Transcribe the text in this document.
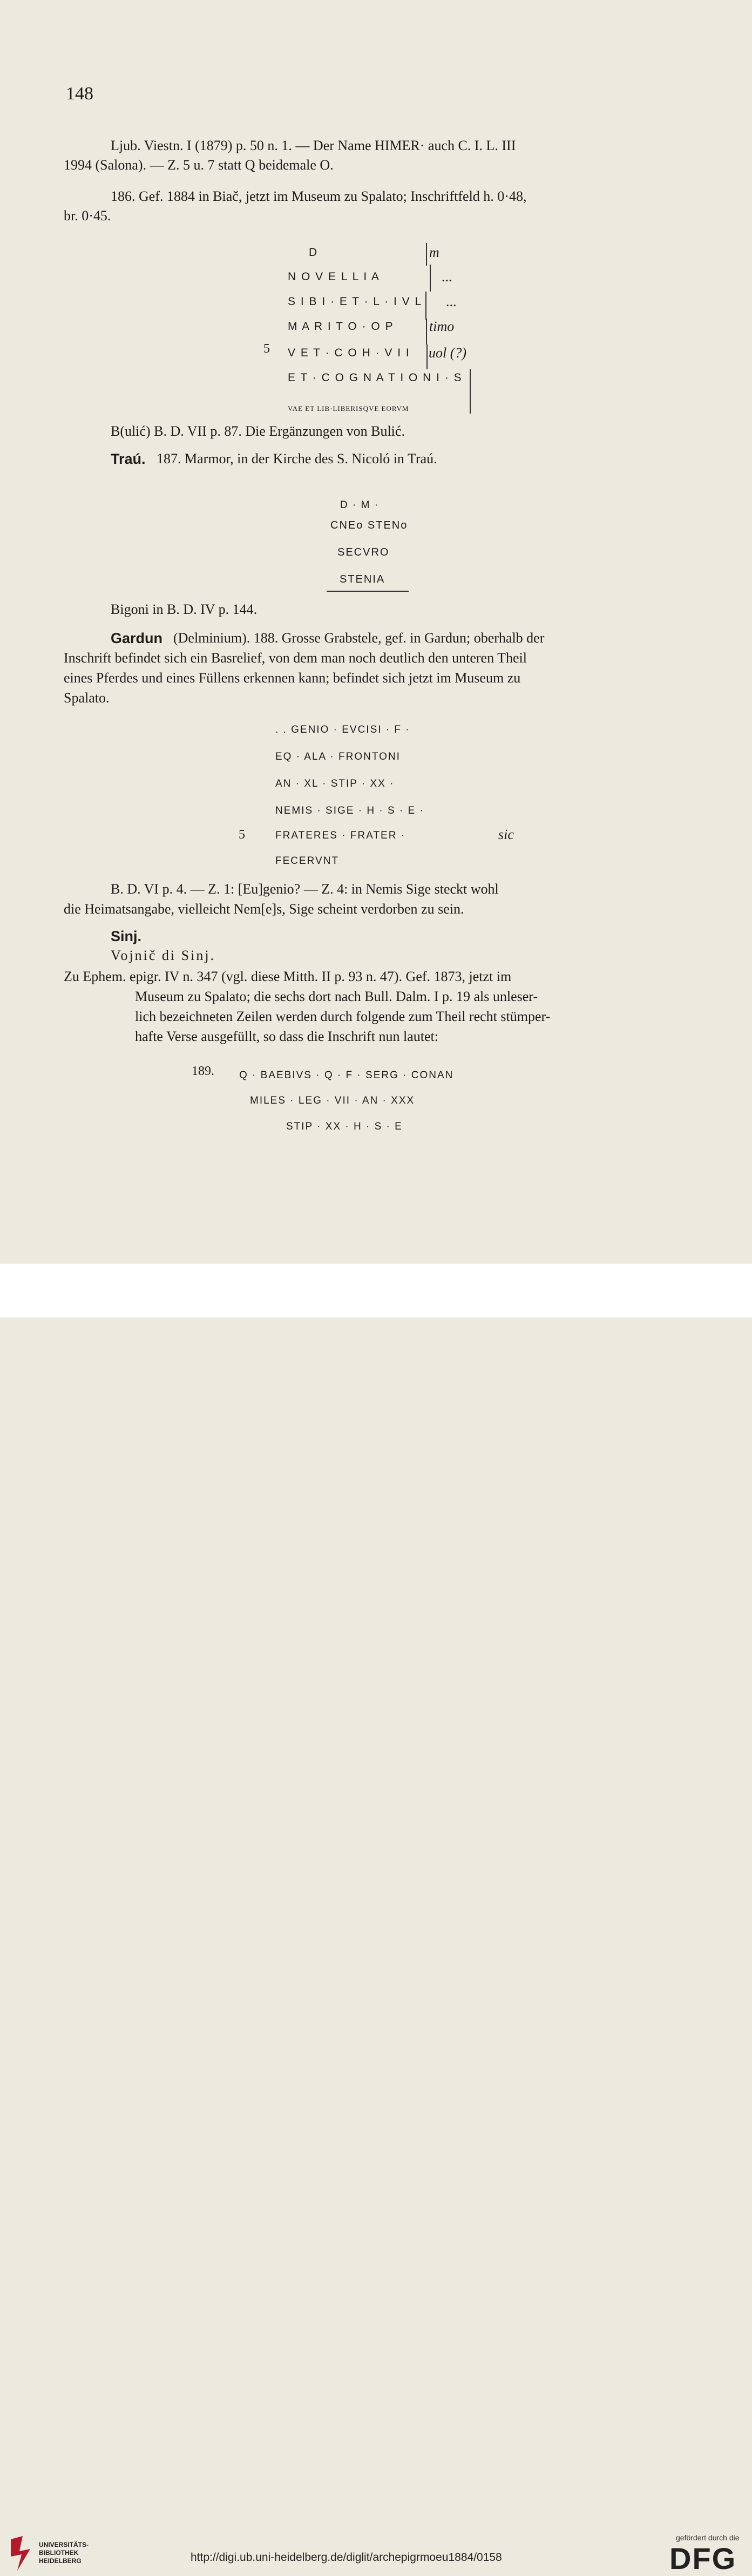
148
Ljub. Viestn. I (1879) p. 50 n. 1. — Der Name HIMER· auch C. I. L. III
1994 (Salona). — Z. 5 u. 7 statt Q beidemale O.
186. Gef. 1884 in Biač, jetzt im Museum zu Spalato; Inschriftfeld h. 0·48,
br. 0·45.
D	m
N O V E L L I A	...
S I B I · E T · L · I V L ...
M A R I T O · O P	timo
5 V E T · C O H · V I I uol (?)
E T · C O G N A T I O N I · S
VAE ET LIB·LIBERISQVE EORVM
B(ulić) B. D. VII p. 87. Die Ergänzungen von Bulić.
Traú. 187. Marmor, in der Kirche des S. Nicoló in Traú.
D · M ·
CNEo STENo
SECVRO
STENIA
Bigoni in B. D. IV p. 144.
Gardun (Delminium). 188. Grosse Grabstele, gef. in Gardun; oberhalb der
Inschrift befindet sich ein Basrelief, von dem man noch deutlich den unteren Theil
eines Pferdes und eines Füllens erkennen kann; befindet sich jetzt im Museum zu
Spalato.
. . GENIO · EVCISI · F ·
EQ · ALA · FRONTONI
AN · XL · STIP · XX ·
NEMIS · SIGE · H · S · E ·
5	FRATERES · FRATER ·	sic
FECERVNT
B. D. VI p. 4. — Z. 1: [Eu]genio? — Z. 4: in Nemis Sige steckt wohl
die Heimatsangabe, vielleicht Nem[e]s, Sige scheint verdorben zu sein.
Sinj.
Vojnič di Sinj.
Zu Ephem. epigr. IV n. 347 (vgl. diese Mitth. II p. 93 n. 47). Gef. 1873, jetzt im
Museum zu Spalato; die sechs dort nach Bull. Dalm. I p. 19 als unleser-
lich bezeichneten Zeilen werden durch folgende zum Theil recht stümper-
hafte Verse ausgefüllt, so dass die Inschrift nun lautet:
189. Q · BAEBIVS · Q · F · SERG · CONAN
MILES · LEG · VII · AN · XXX
STIP · XX · H · S · E
UNIVERSITÄTS-
BIBLIOTHEK
HEIDELBERG	http://digi.ub.uni-heidelberg.de/diglit/archepigrmoeu1884/0158
gefördert durch die
DFG
